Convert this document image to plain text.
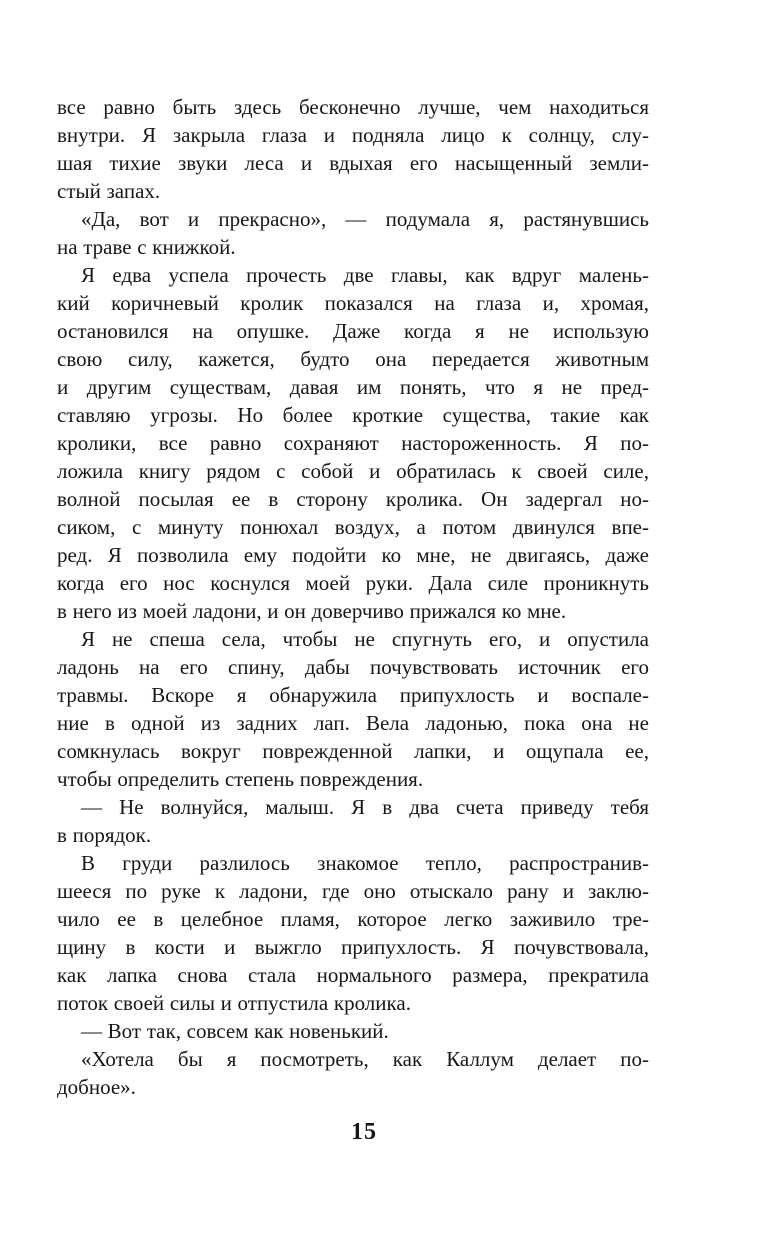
все равно быть здесь бесконечно лучше, чем находиться
внутри. Я закрыла глаза и подняла лицо к солнцу, слу-
шая тихие звуки леса и вдыхая его насыщенный земли-
стый запах.
«Да, вот и прекрасно», — подумала я, растянувшись
на траве с книжкой.
Я едва успела прочесть две главы, как вдруг малень-
кий коричневый кролик показался на глаза и, хромая,
остановился на опушке. Даже когда я не использую
свою силу, кажется, будто она передается животным
и другим существам, давая им понять, что я не пред-
ставляю угрозы. Но более кроткие существа, такие как
кролики, все равно сохраняют настороженность. Я по-
ложила книгу рядом с собой и обратилась к своей силе,
волной посылая ее в сторону кролика. Он задергал но-
сиком, с минуту понюхал воздух, а потом двинулся впе-
ред. Я позволила ему подойти ко мне, не двигаясь, даже
когда его нос коснулся моей руки. Дала силе проникнуть
в него из моей ладони, и он доверчиво прижался ко мне.
Я не спеша села, чтобы не спугнуть его, и опустила
ладонь на его спину, дабы почувствовать источник его
травмы. Вскоре я обнаружила припухлость и воспале-
ние в одной из задних лап. Вела ладонью, пока она не
сомкнулась вокруг поврежденной лапки, и ощупала ее,
чтобы определить степень повреждения.
— Не волнуйся, малыш. Я в два счета приведу тебя
в порядок.
В груди разлилось знакомое тепло, распространив-
шееся по руке к ладони, где оно отыскало рану и заклю-
чило ее в целебное пламя, которое легко заживило тре-
щину в кости и выжгло припухлость. Я почувствовала,
как лапка снова стала нормального размера, прекратила
поток своей силы и отпустила кролика.
— Вот так, совсем как новенький.
«Хотела бы я посмотреть, как Каллум делает по-
добное».
15
